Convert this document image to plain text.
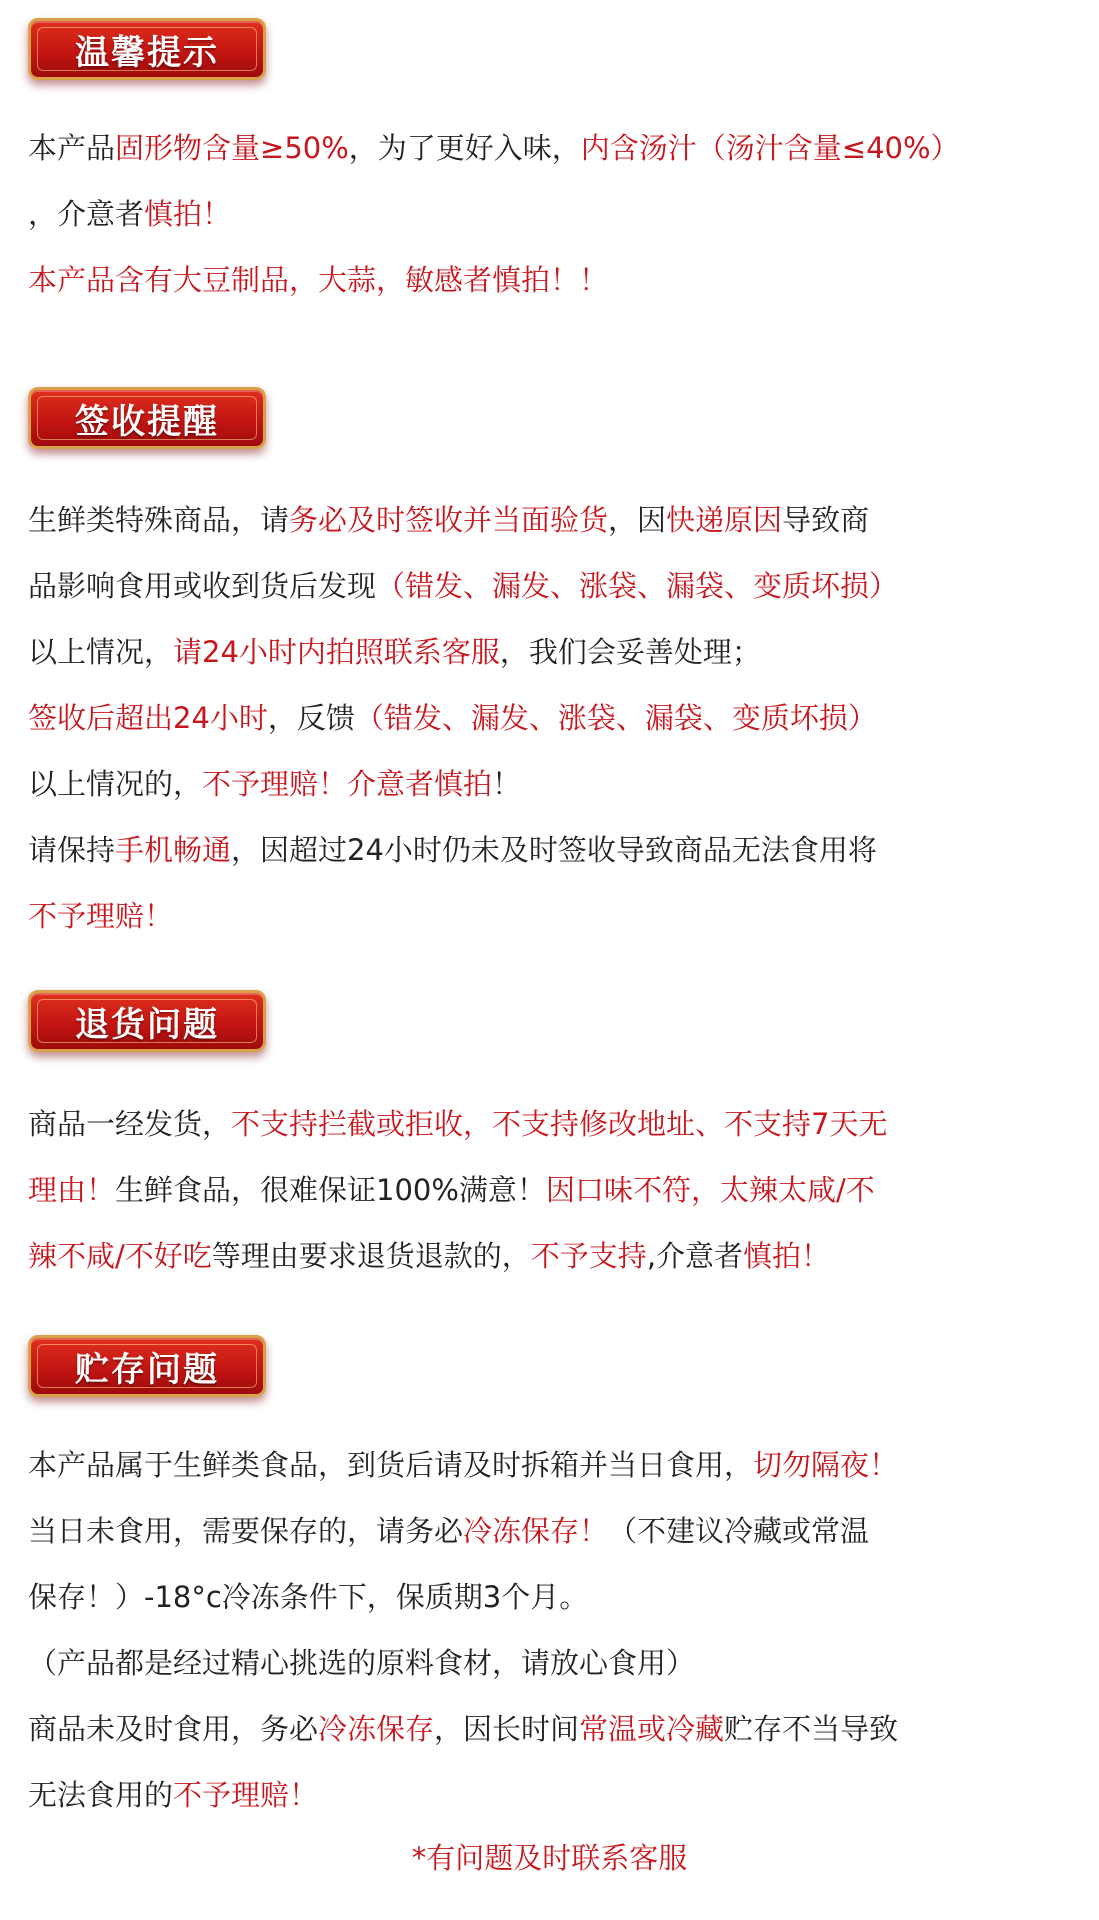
温馨提示
本产品固形物含量≥50%，为了更好入味，内含汤汁（汤汁含量≤40%）
，介意者慎拍！
本产品含有大豆制品，大蒜，敏感者慎拍！！
签收提醒
生鲜类特殊商品，请务必及时签收并当面验货，因快递原因导致商
品影响食用或收到货后发现（错发、漏发、涨袋、漏袋、变质坏损）
以上情况，请24小时内拍照联系客服，我们会妥善处理；
签收后超出24小时，反馈（错发、漏发、涨袋、漏袋、变质坏损）
以上情况的，不予理赔！介意者慎拍！
请保持手机畅通，因超过24小时仍未及时签收导致商品无法食用将
不予理赔！
退货问题
商品一经发货，不支持拦截或拒收，不支持修改地址、不支持7天无
理由！生鲜食品，很难保证100%满意！因口味不符，太辣太咸/不
辣不咸/不好吃等理由要求退货退款的，不予支持,介意者慎拍！
贮存问题
本产品属于生鲜类食品，到货后请及时拆箱并当日食用，切勿隔夜！
当日未食用，需要保存的，请务必冷冻保存！（不建议冷藏或常温
保存！）-18°c冷冻条件下，保质期3个月。
（产品都是经过精心挑选的原料食材，请放心食用）
商品未及时食用，务必冷冻保存，因长时间常温或冷藏贮存不当导致
无法食用的不予理赔！
*有问题及时联系客服
